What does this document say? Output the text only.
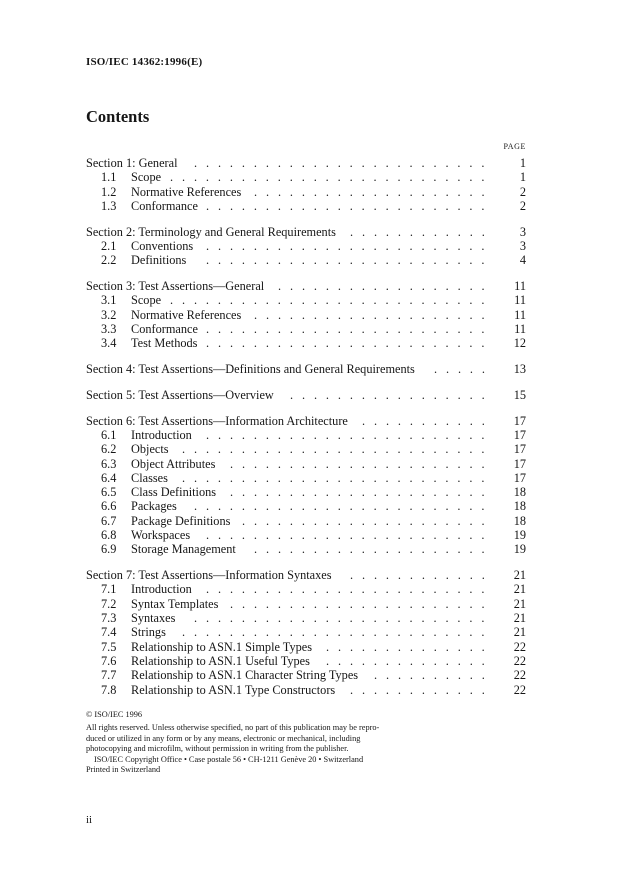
ISO/IEC 14362:1996(E)
Contents
PAGE
Section 1: General .........................	1
1.1	Scope ...........................	1
1.2	Normative References ....................	2
1.3	Conformance ........................	2
Section 2: Terminology and General Requirements ............	3
2.1	Conventions ........................	3
2.2	Definitions ........................	4
Section 3: Test Assertions—General ..................	11
3.1	Scope ...........................	11
3.2	Normative References ....................	11
3.3	Conformance ........................	11
3.4	Test Methods ........................	12
Section 4: Test Assertions—Definitions and General Requirements .....	13
Section 5: Test Assertions—Overview .................	15
Section 6: Test Assertions—Information Architecture ...........	17
6.1	Introduction ........................	17
6.2	Objects ..........................	17
6.3	Object Attributes ......................	17
6.4	Classes ..........................	17
6.5	Class Definitions ......................	18
6.6	Packages .........................	18
6.7	Package Definitions .....................	18
6.8	Workspaces ........................	19
6.9	Storage Management ....................	19
Section 7: Test Assertions—Information Syntaxes ............	21
7.1	Introduction ........................	21
7.2	Syntax Templates ......................	21
7.3	Syntaxes .........................	21
7.4	Strings ..........................	21
7.5	Relationship to ASN.1 Simple Types ..............	22
7.6	Relationship to ASN.1 Useful Types ..............	22
7.7	Relationship to ASN.1 Character String Types ..........	22
7.8	Relationship to ASN.1 Type Constructors ............	22
© ISO/IEC 1996
All rights reserved. Unless otherwise specified, no part of this publication may be repro-
duced or utilized in any form or by any means, electronic or mechanical, including
photocopying and microfilm, without permission in writing from the publisher.
ISO/IEC Copyright Office • Case postale 56 • CH-1211 Genève 20 • Switzerland
Printed in Switzerland
ii
